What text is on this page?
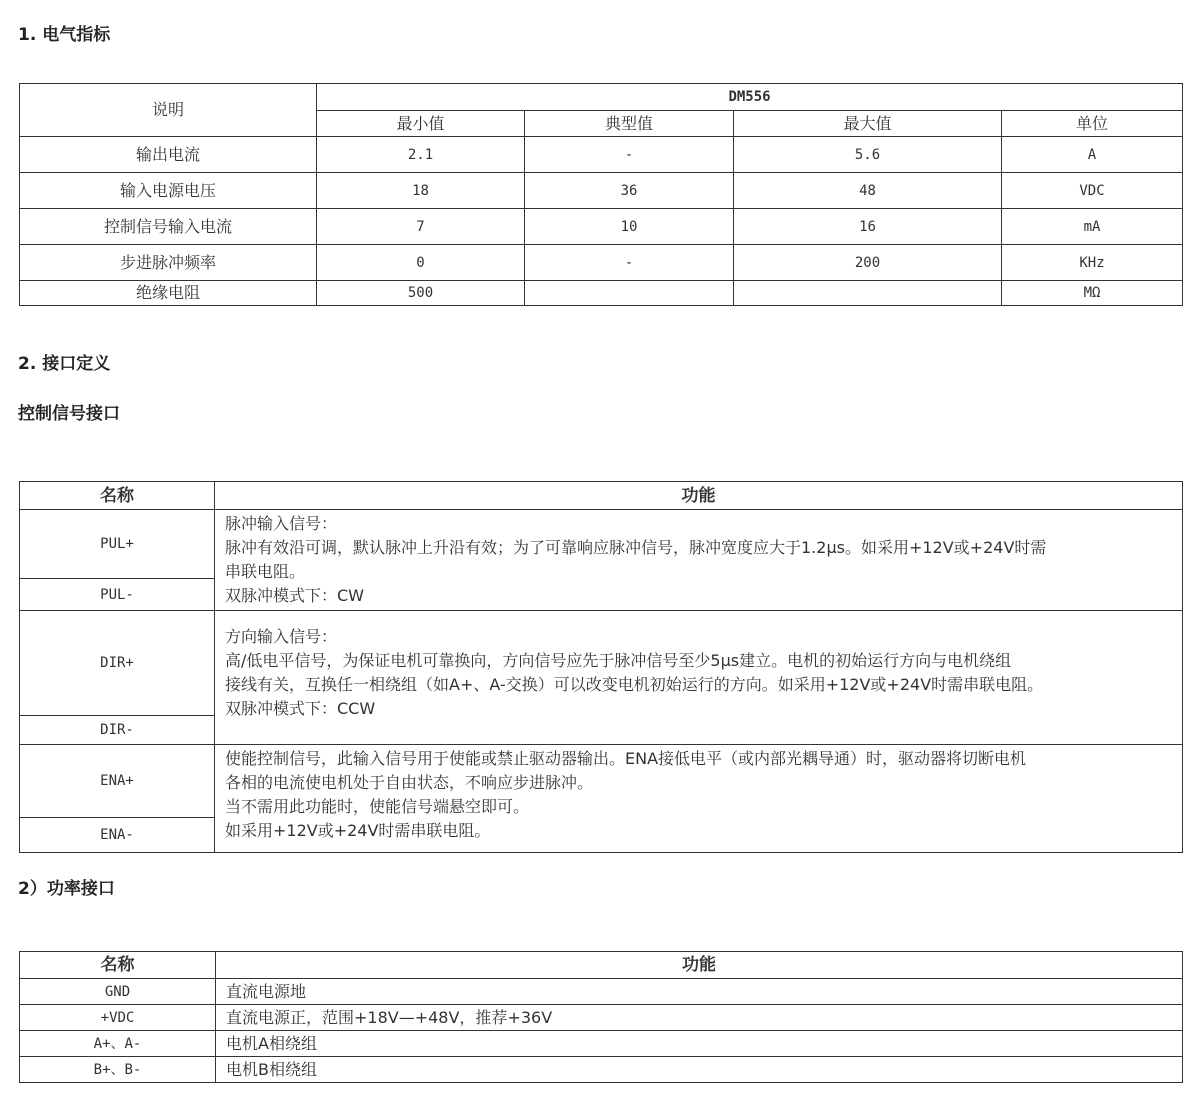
1. 电气指标
说明	DM556			
	最小值	典型值	最大值	单位
输出电流	2.1	-	5.6	A
输入电源电压	18	36	48	VDC
控制信号输入电流	7	10	16	mA
步进脉冲频率	0	-	200	KHz
绝缘电阻	500			MΩ
2. 接口定义
控制信号接口
名称	功能
PUL+	脉冲输入信号：
脉冲有效沿可调，默认脉冲上升沿有效；为了可靠响应脉冲信号，脉冲宽度应大于1.2μs。如采用+12V或+24V时需
串联电阻。
双脉冲模式下：CW

PUL-	
DIR+	方向输入信号：
高/低电平信号，为保证电机可靠换向，方向信号应先于脉冲信号至少5μs建立。电机的初始运行方向与电机绕组
接线有关，互换任一相绕组（如A+、A-交换）可以改变电机初始运行的方向。如采用+12V或+24V时需串联电阻。
双脉冲模式下：CCW

DIR-	
ENA+	使能控制信号，此输入信号用于使能或禁止驱动器输出。ENA接低电平（或内部光耦导通）时，驱动器将切断电机
各相的电流使电机处于自由状态，不响应步进脉冲。
当不需用此功能时，使能信号端悬空即可。
如采用+12V或+24V时需串联电阻。

ENA-	
2）功率接口
名称	功能
GND	直流电源地
+VDC	直流电源正，范围+18V—+48V，推荐+36V
A+、A-	电机A相绕组
B+、B-	电机B相绕组
